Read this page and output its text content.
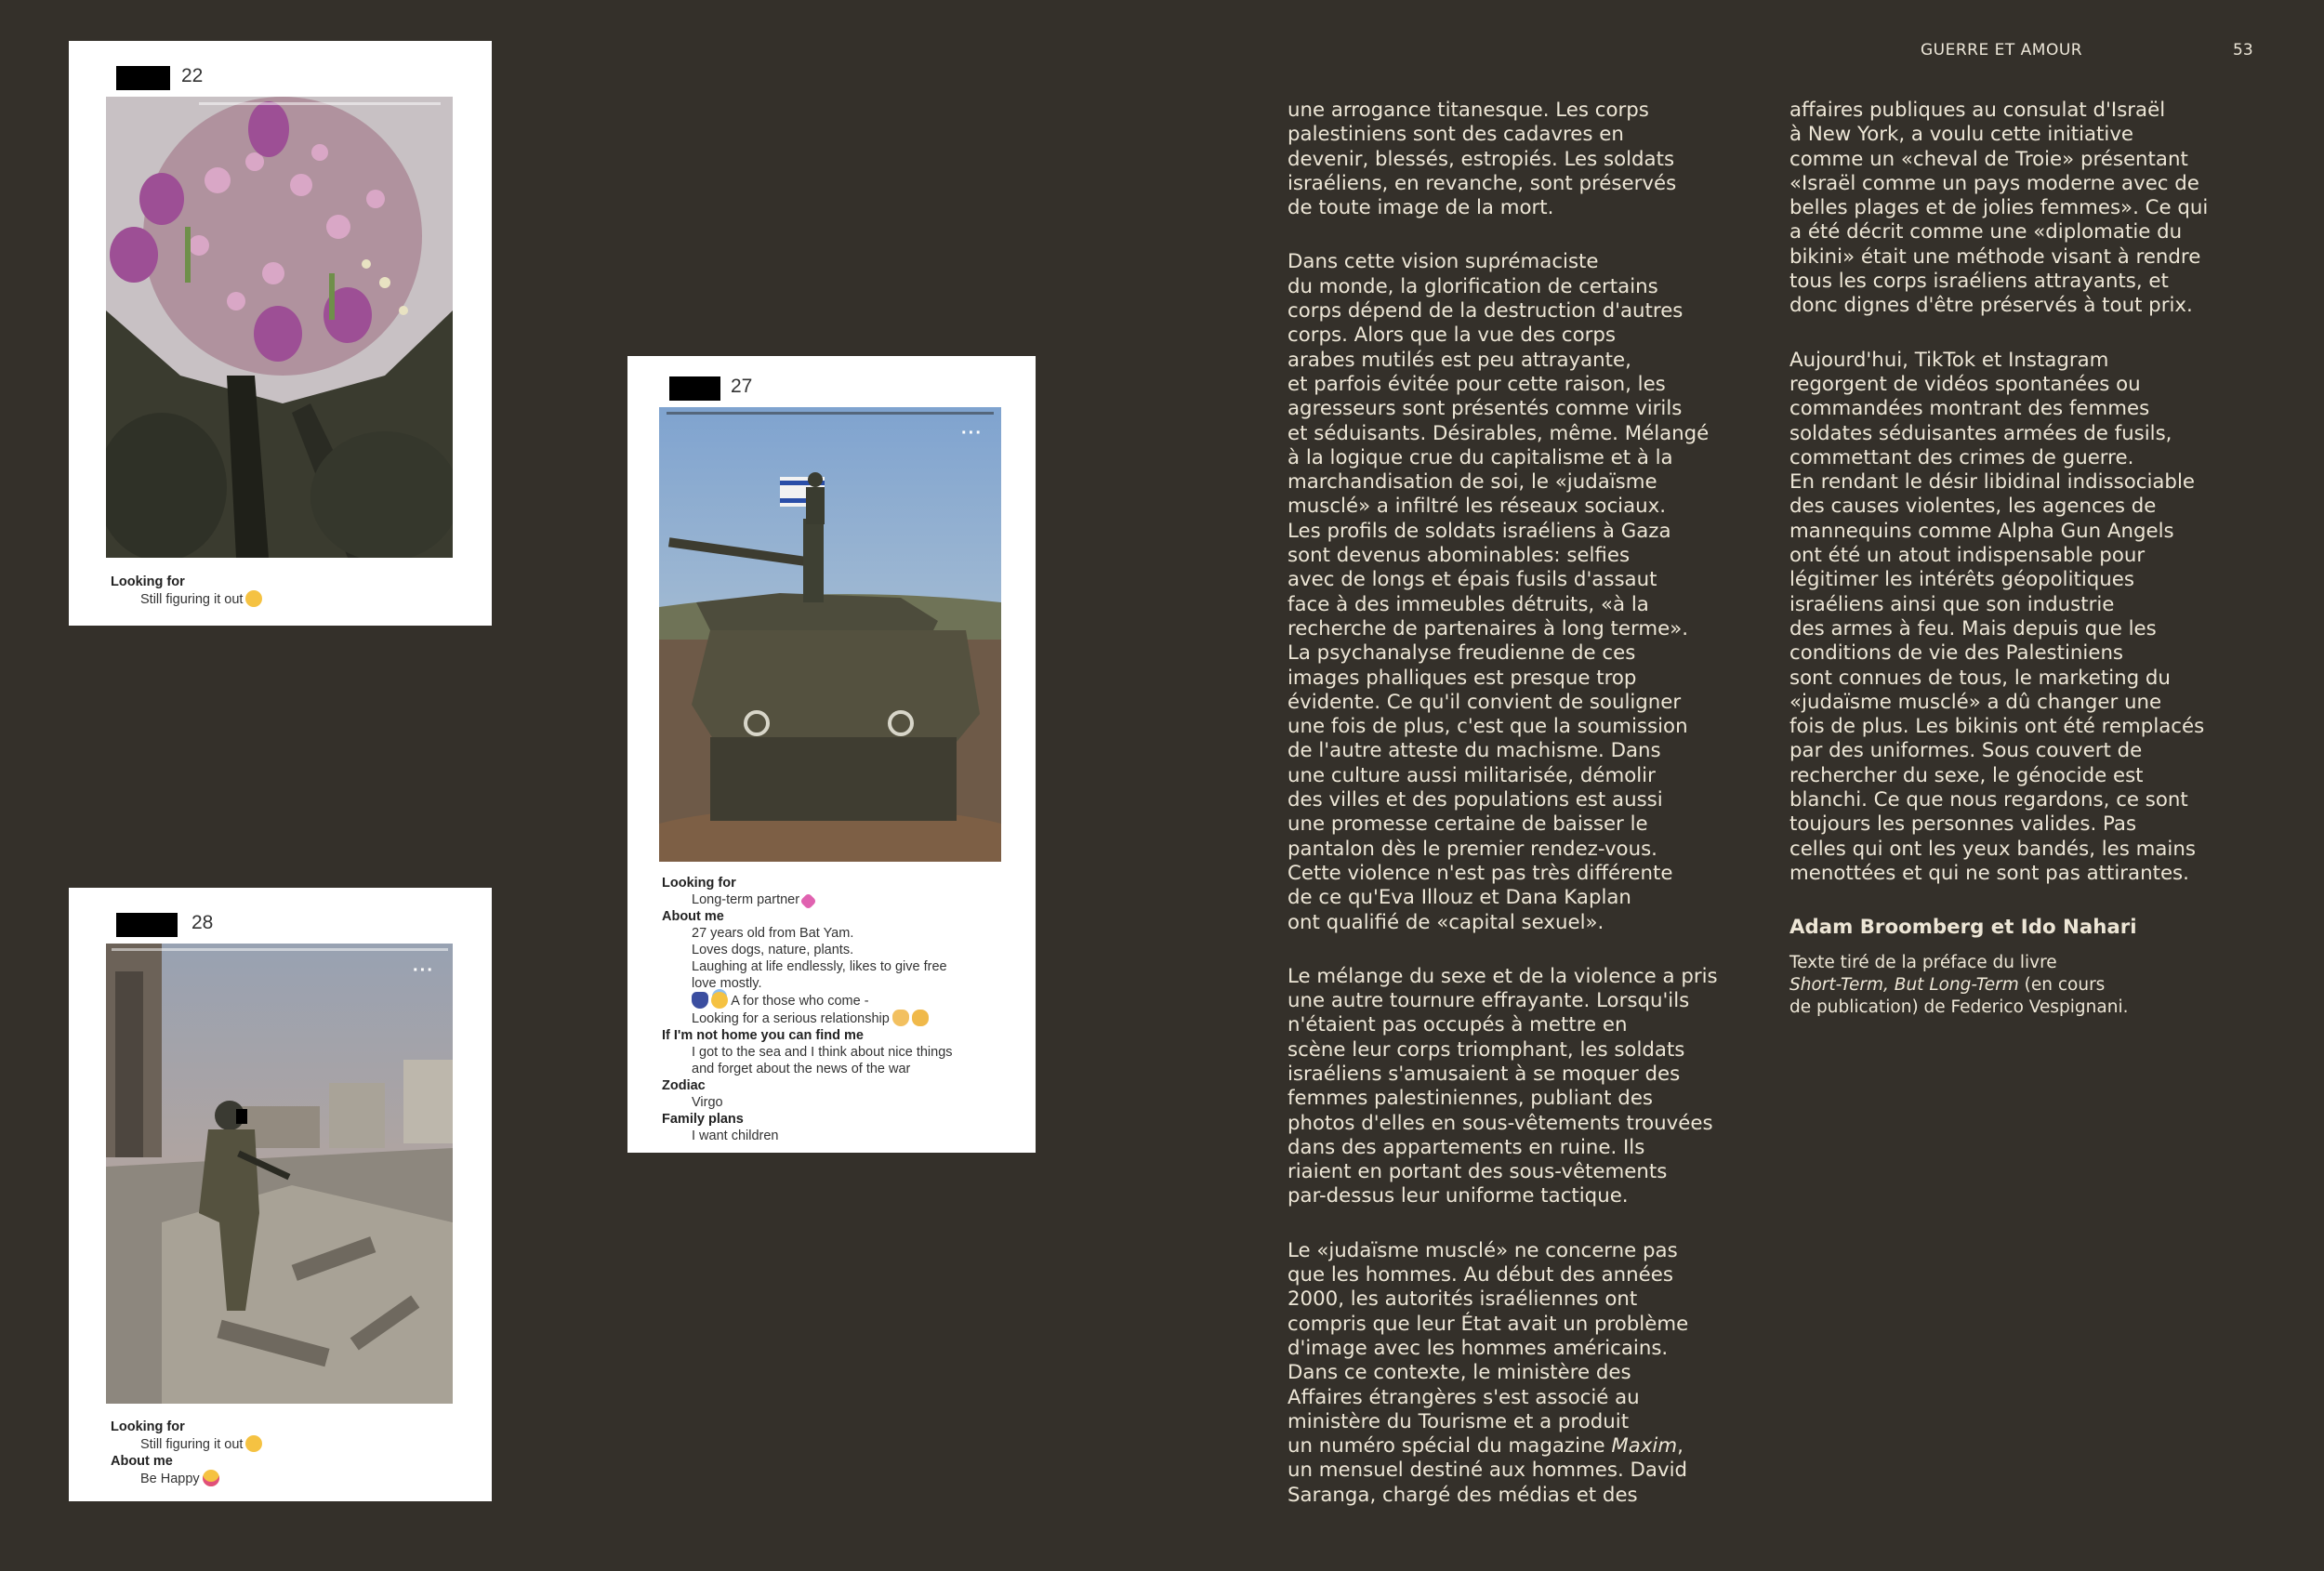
GUERRE ET AMOUR	53
22
Looking for
Still figuring it out
27
···
Looking for
Long-term partner
About me
27 years old from Bat Yam.
Loves dogs, nature, plants.
Laughing at life endlessly, likes to give free
love mostly.
A for those who come -
Looking for a serious relationship
If I'm not home you can find me
I got to the sea and I think about nice things
and forget about the news of the war
Zodiac
Virgo
Family plans
I want children
28
···
Looking for
Still figuring it out
About me
Be Happy

une arrogance titanesque. Les corps
palestiniens sont des cadavres en
devenir, blessés, estropiés. Les soldats
israéliens, en revanche, sont préservés
de toute image de la mort.

Dans cette vision suprémaciste
du monde, la glorification de certains
corps dépend de la destruction d'autres
corps. Alors que la vue des corps
arabes mutilés est peu attrayante,
et parfois évitée pour cette raison, les
agresseurs sont présentés comme virils
et séduisants. Désirables, même. Mélangé
à la logique crue du capitalisme et à la
marchandisation de soi, le «judaïsme
musclé» a infiltré les réseaux sociaux.
Les profils de soldats israéliens à Gaza
sont devenus abominables: selfies
avec de longs et épais fusils d'assaut
face à des immeubles détruits, «à la
recherche de partenaires à long terme».
La psychanalyse freudienne de ces
images phalliques est presque trop
évidente. Ce qu'il convient de souligner
une fois de plus, c'est que la soumission
de l'autre atteste du machisme. Dans
une culture aussi militarisée, démolir
des villes et des populations est aussi
une promesse certaine de baisser le
pantalon dès le premier rendez-vous.
Cette violence n'est pas très différente
de ce qu'Eva Illouz et Dana Kaplan
ont qualifié de «capital sexuel».

Le mélange du sexe et de la violence a pris
une autre tournure effrayante. Lorsqu'ils
n'étaient pas occupés à mettre en
scène leur corps triomphant, les soldats
israéliens s'amusaient à se moquer des
femmes palestiniennes, publiant des
photos d'elles en sous-vêtements trouvées
dans des appartements en ruine. Ils
riaient en portant des sous-vêtements
par-dessus leur uniforme tactique.

Le «judaïsme musclé» ne concerne pas
que les hommes. Au début des années
2000, les autorités israéliennes ont
compris que leur État avait un problème
d'image avec les hommes américains.
Dans ce contexte, le ministère des
Affaires étrangères s'est associé au
ministère du Tourisme et a produit
un numéro spécial du magazine Maxim,
un mensuel destiné aux hommes. David
Saranga, chargé des médias et des

affaires publiques au consulat d'Israël
à New York, a voulu cette initiative
comme un «cheval de Troie» présentant
«Israël comme un pays moderne avec de
belles plages et de jolies femmes». Ce qui
a été décrit comme une «diplomatie du
bikini» était une méthode visant à rendre
tous les corps israéliens attrayants, et
donc dignes d'être préservés à tout prix.

Aujourd'hui, TikTok et Instagram
regorgent de vidéos spontanées ou
commandées montrant des femmes
soldates séduisantes armées de fusils,
commettant des crimes de guerre.
En rendant le désir libidinal indissociable
des causes violentes, les agences de
mannequins comme Alpha Gun Angels
ont été un atout indispensable pour
légitimer les intérêts géopolitiques
israéliens ainsi que son industrie
des armes à feu. Mais depuis que les
conditions de vie des Palestiniens
sont connues de tous, le marketing du
«judaïsme musclé» a dû changer une
fois de plus. Les bikinis ont été remplacés
par des uniformes. Sous couvert de
rechercher du sexe, le génocide est
blanchi. Ce que nous regardons, ce sont
toujours les personnes valides. Pas
celles qui ont les yeux bandés, les mains
menottées et qui ne sont pas attirantes.

Adam Broomberg et Ido Nahari
Texte tiré de la préface du livre
Short-Term, But Long-Term (en cours
de publication) de Federico Vespignani.
